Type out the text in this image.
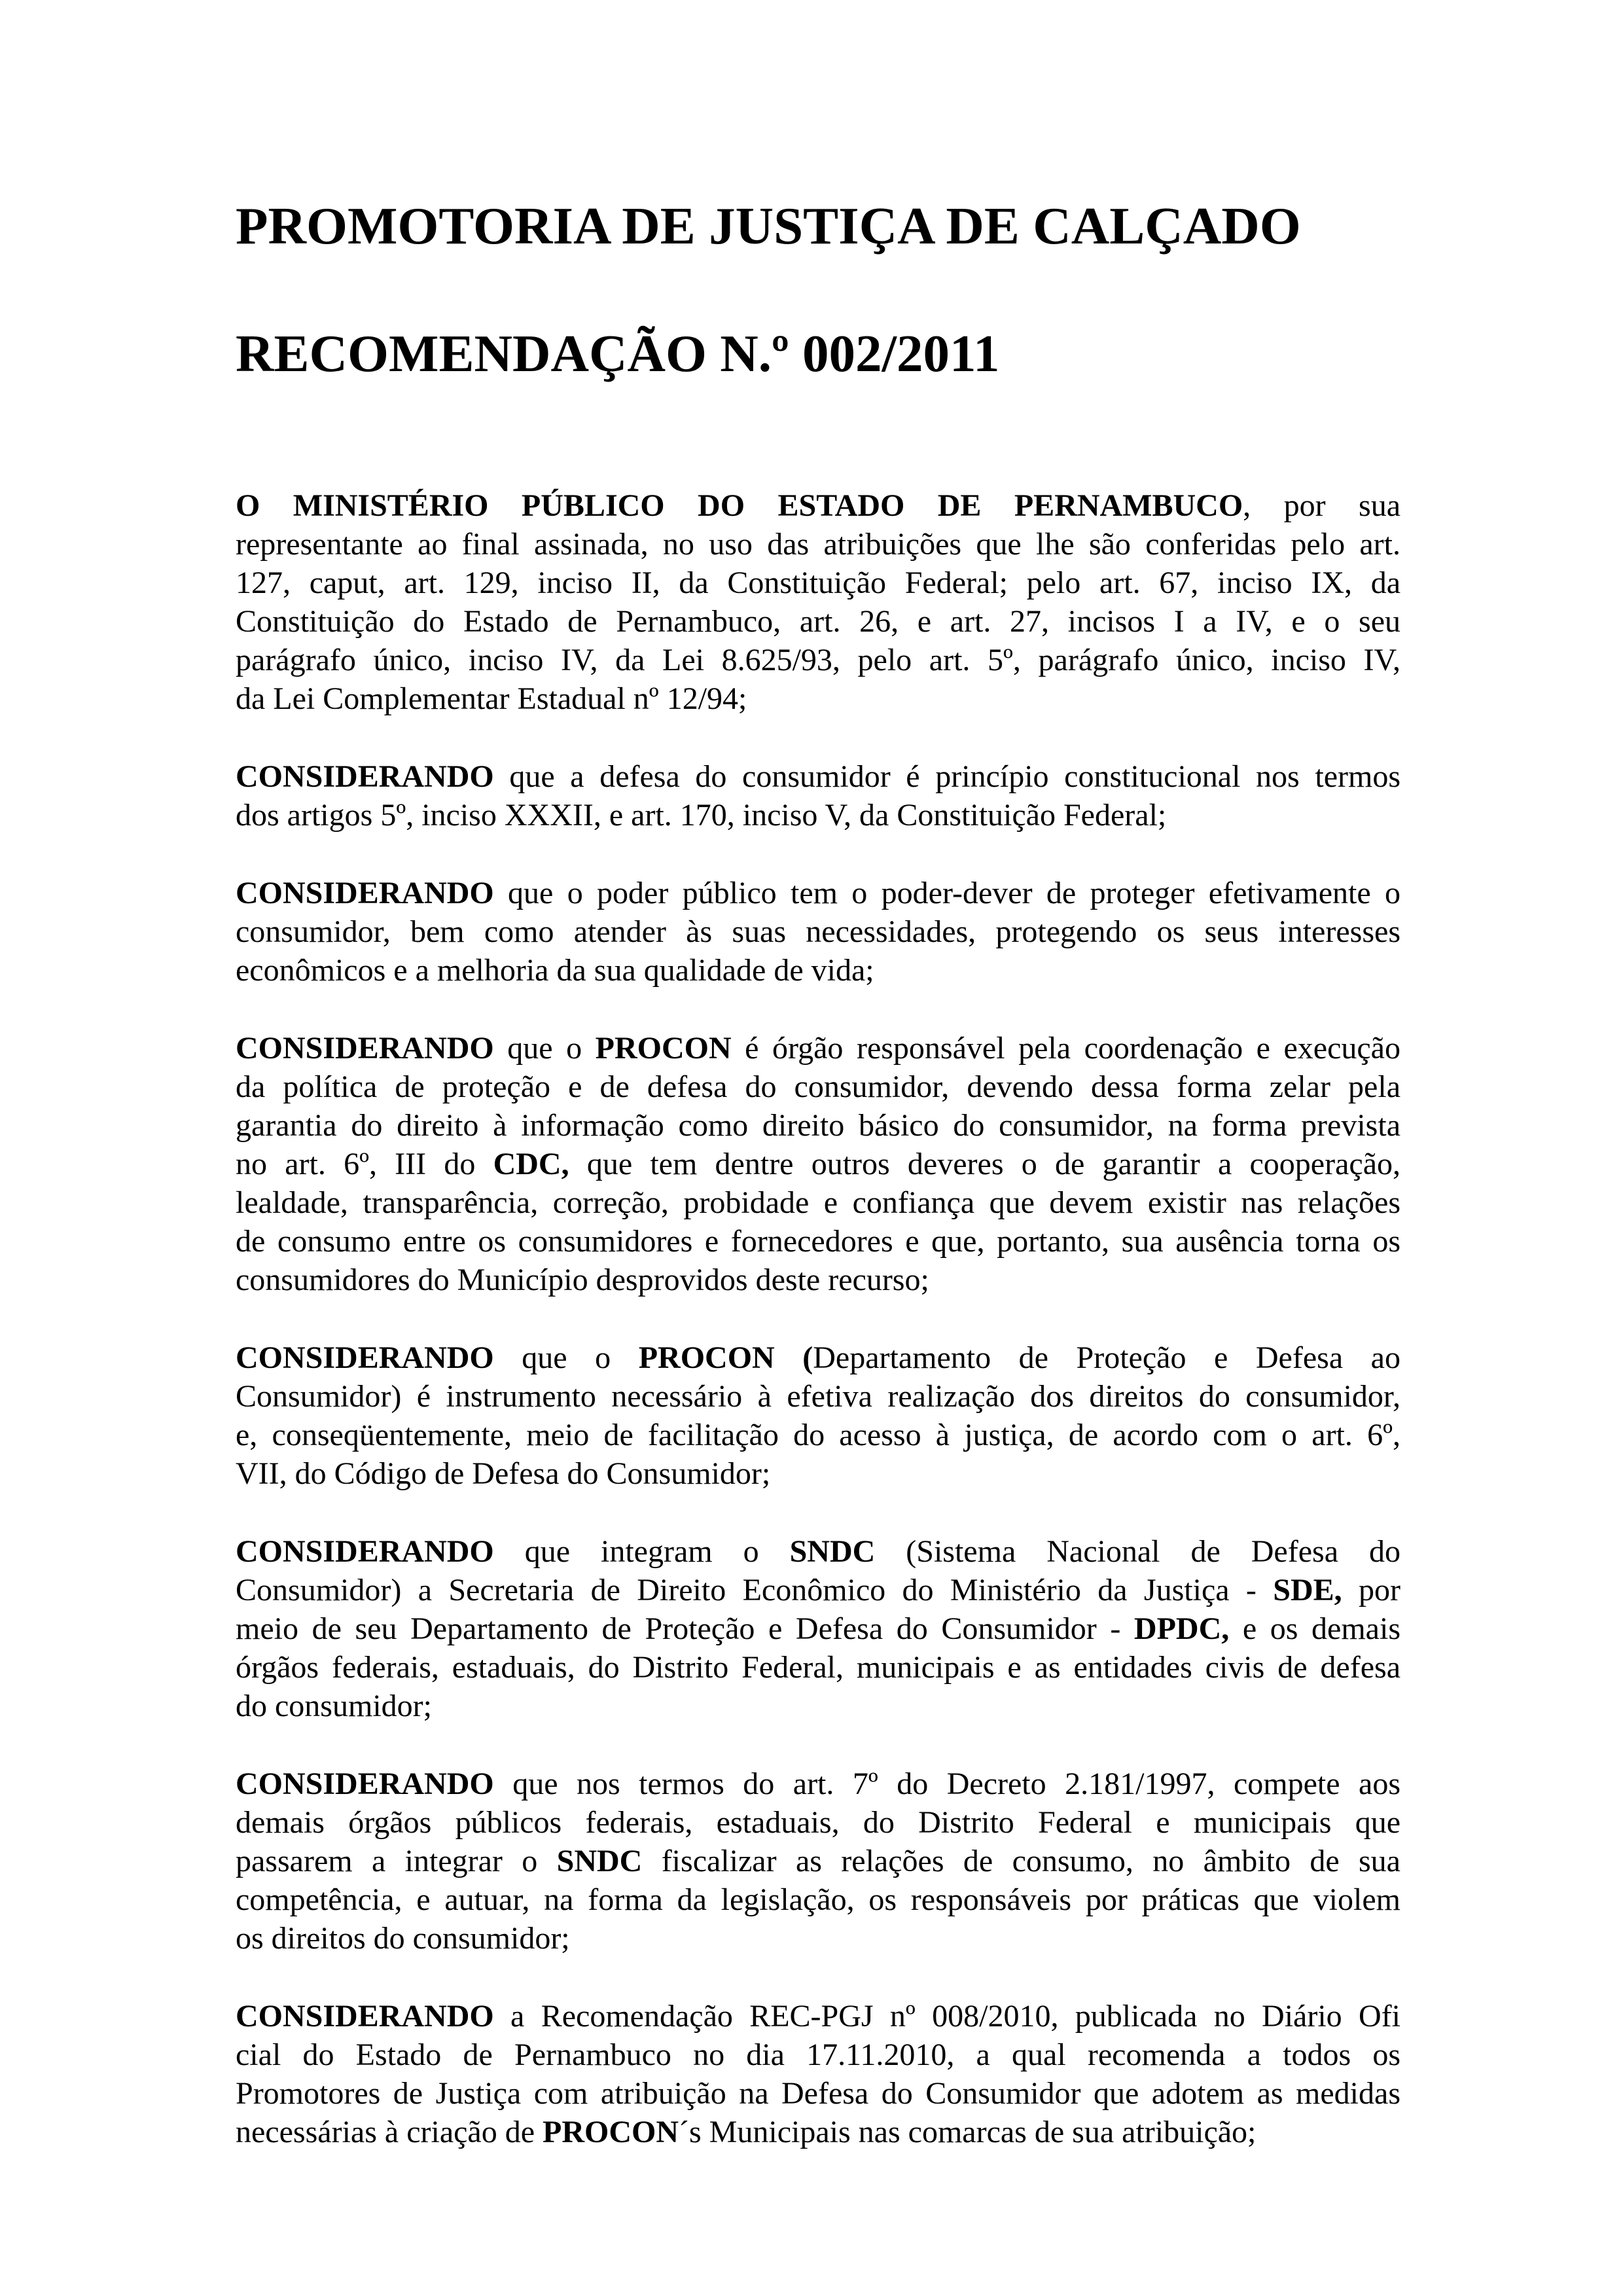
PROMOTORIA DE JUSTIÇA DE CALÇADO
RECOMENDAÇÃO N.º 002/2011

O MINISTÉRIO PÚBLICO DO ESTADO DE PERNAMBUCO, por sua
representante ao final assinada, no uso das atribuições que lhe são conferidas pelo art.
127, caput, art. 129, inciso II, da Constituição Federal; pelo art. 67, inciso IX, da
Constituição do Estado de Pernambuco, art. 26, e art. 27, incisos I a IV, e o seu
parágrafo único, inciso IV, da Lei 8.625/93, pelo art. 5º, parágrafo único, inciso IV,
da Lei Complementar Estadual nº 12/94;

CONSIDERANDO que a defesa do consumidor é princípio constitucional nos termos
dos artigos 5º, inciso XXXII, e art. 170, inciso V, da Constituição Federal;

CONSIDERANDO que o poder público tem o poder-dever de proteger efetivamente o
consumidor, bem como atender às suas necessidades, protegendo os seus interesses
econômicos e a melhoria da sua qualidade de vida;

CONSIDERANDO que o PROCON é órgão responsável pela coordenação e execução
da política de proteção e de defesa do consumidor, devendo dessa forma zelar pela
garantia do direito à informação como direito básico do consumidor, na forma prevista
no art. 6º, III do CDC, que tem dentre outros deveres o de garantir a cooperação,
lealdade, transparência, correção, probidade e confiança que devem existir nas relações
de consumo entre os consumidores e fornecedores e que, portanto, sua ausência torna os
consumidores do Município desprovidos deste recurso;

CONSIDERANDO que o PROCON (Departamento de Proteção e Defesa ao
Consumidor) é instrumento necessário à efetiva realização dos direitos do consumidor,
e, conseqüentemente, meio de facilitação do acesso à justiça, de acordo com o art. 6º,
VII, do Código de Defesa do Consumidor;

CONSIDERANDO que integram o SNDC (Sistema Nacional de Defesa do
Consumidor) a Secretaria de Direito Econômico do Ministério da Justiça - SDE, por
meio de seu Departamento de Proteção e Defesa do Consumidor - DPDC, e os demais
órgãos federais, estaduais, do Distrito Federal, municipais e as entidades civis de defesa
do consumidor;

CONSIDERANDO que nos termos do art. 7º do Decreto 2.181/1997, compete aos
demais órgãos públicos federais, estaduais, do Distrito Federal e municipais que
passarem a integrar o SNDC fiscalizar as relações de consumo, no âmbito de sua
competência, e autuar, na forma da legislação, os responsáveis por práticas que violem
os direitos do consumidor;

CONSIDERANDO a Recomendação REC-PGJ nº 008/2010, publicada no Diário Ofi
cial do Estado de Pernambuco no dia 17.11.2010, a qual recomenda a todos os
Promotores de Justiça com atribuição na Defesa do Consumidor que adotem as medidas
necessárias à criação de PROCON´s Municipais nas comarcas de sua atribuição;
